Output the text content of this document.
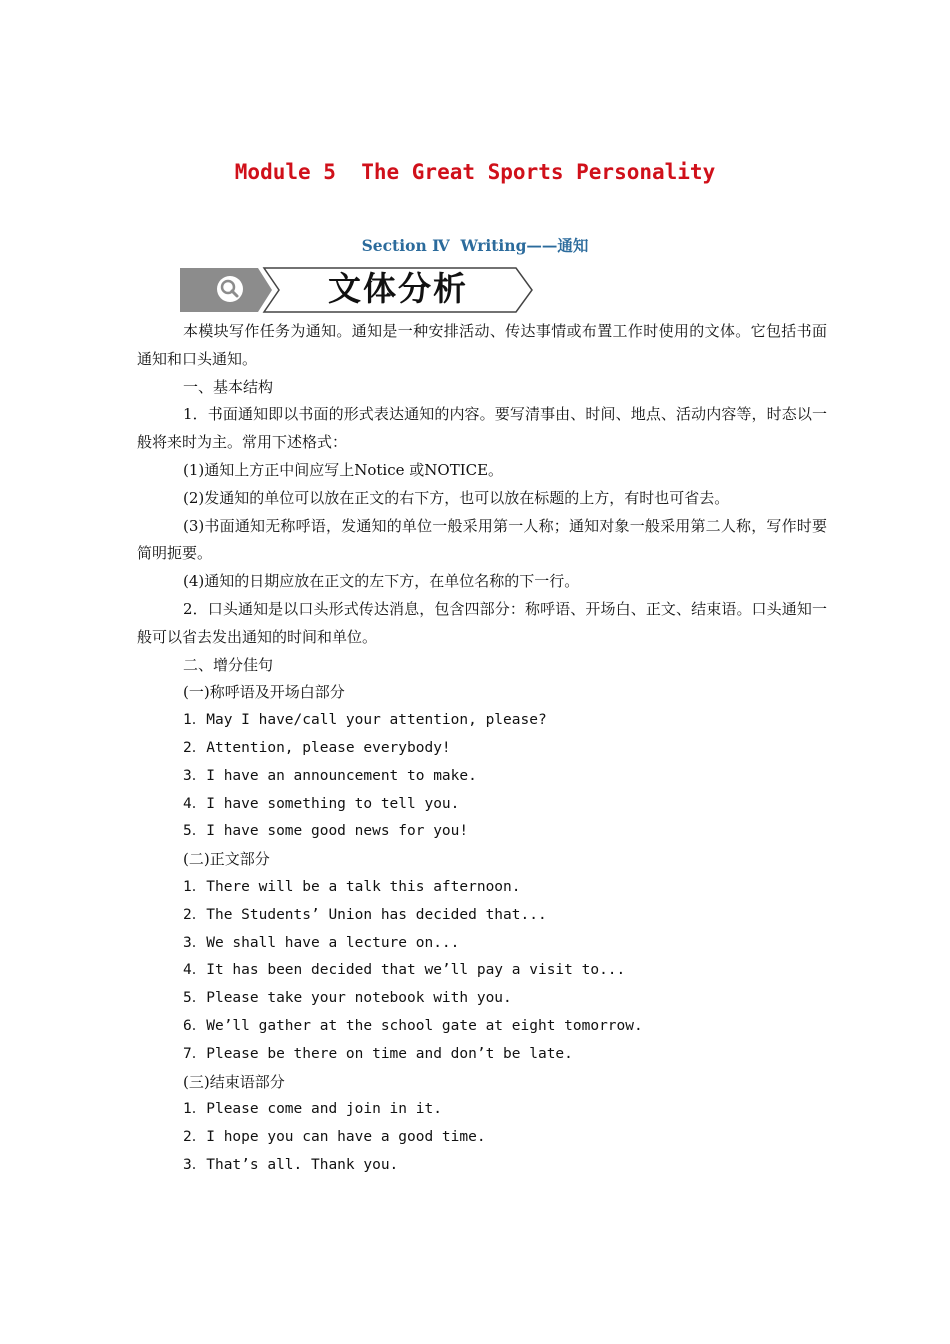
Module 5  The Great Sports Personality
Section Ⅳ  Writing——通知
文体分析

本模块写作任务为通知。通知是一种安排活动、传达事情或布置工作时使用的文体。它包括书面通知和口头通知。

一、基本结构

1．书面通知即以书面的形式表达通知的内容。要写清事由、时间、地点、活动内容等，时态以一般将来时为主。常用下述格式：

(1)通知上方正中间应写上Notice 或NOTICE。

(2)发通知的单位可以放在正文的右下方，也可以放在标题的上方，有时也可省去。

(3)书面通知无称呼语，发通知的单位一般采用第一人称；通知对象一般采用第二人称，写作时要简明扼要。

(4)通知的日期应放在正文的左下方，在单位名称的下一行。

2．口头通知是以口头形式传达消息，包含四部分：称呼语、开场白、正文、结束语。口头通知一般可以省去发出通知的时间和单位。

二、增分佳句

(一)称呼语及开场白部分

1．May I have/call your attention, please?

2．Attention, please everybody!

3．I have an announcement to make.

4．I have something to tell you.

5．I have some good news for you!

(二)正文部分

1．There will be a talk this afternoon.

2．The Students’ Union has decided that...

3．We shall have a lecture on...

4．It has been decided that we’ll pay a visit to...

5．Please take your notebook with you.

6．We’ll gather at the school gate at eight tomorrow.

7．Please be there on time and don’t be late.

(三)结束语部分

1．Please come and join in it.

2．I hope you can have a good time.

3．That’s all. Thank you.
